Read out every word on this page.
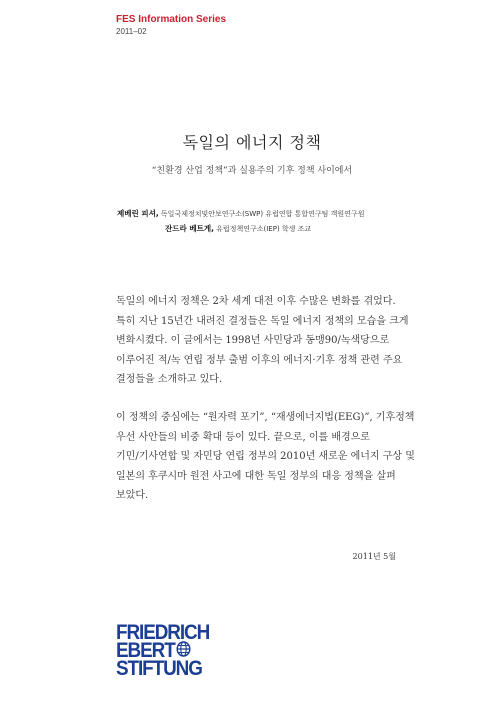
FES Information Series
2011–02
독일의 에너지 정책
“친환경 산업 정책”과 실용주의 기후 정책 사이에서
제베린 피셔, 독일국제정치및안보연구소(SWP) 유럽연합 통합연구팀 객원연구원
잔드라 베트게, 유럽정책연구소(IEP) 학생 조교

독일의 에너지 정책은 2차 세계 대전 이후 수많은 변화를 겪었다.

특히 지난 15년간 내려진 결정들은 독일 에너지 정책의 모습을 크게

변화시켰다. 이 글에서는 1998년 사민당과 동맹90/녹색당으로

이루어진 적/녹 연립 정부 출범 이후의 에너지·기후 정책 관련 주요

결정들을 소개하고 있다.

이 정책의 중심에는 “원자력 포기”, “재생에너지법(EEG)”, 기후정책

우선 사안들의 비중 확대 등이 있다. 끝으로, 이를 배경으로

기민/기사연합 및 자민당 연립 정부의 2010년 새로운 에너지 구상 및

일본의 후쿠시마 원전 사고에 대한 독일 정부의 대응 정책을 살펴

보았다.

2011년 5월
FRIEDRICH
EBERT
STIFTUNG
